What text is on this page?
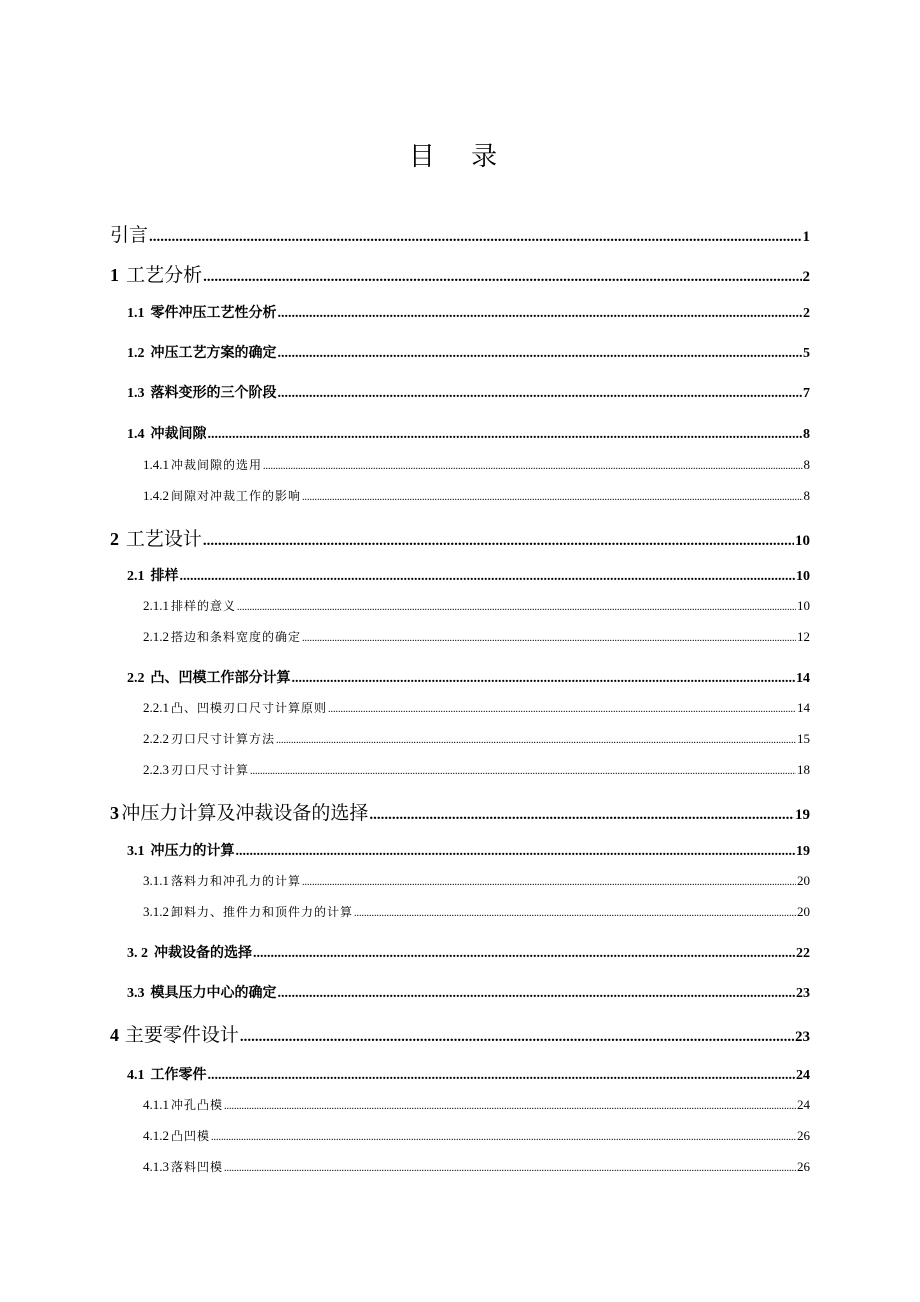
目 录
引言 .....	1
1 工艺分析 .....	2
1.1 零件冲压工艺性分析 .....	2
1.2 冲压工艺方案的确定 .....	5
1.3 落料变形的三个阶段 .....	7
1.4 冲裁间隙 .....	8
1.4.1 冲裁间隙的选用 .....	8
1.4.2 间隙对冲裁工作的影响 .....	8
2 工艺设计 .....	10
2.1 排样 .....	10
2.1.1 排样的意义 .....	10
2.1.2 搭边和条料宽度的确定 .....	12
2.2 凸、凹模工作部分计算 .....	14
2.2.1 凸、凹模刃口尺寸计算原则 .....	14
2.2.2 刃口尺寸计算方法 .....	15
2.2.3 刃口尺寸计算 .....	18
3 冲压力计算及冲裁设备的选择 .....	19
3.1 冲压力的计算 .....	19
3.1.1 落料力和冲孔力的计算 .....	20
3.1.2 卸料力、推件力和顶件力的计算 .....	20
3. 2 冲裁设备的选择 .....	22
3.3 模具压力中心的确定 .....	23
4 主要零件设计 .....	23
4.1 工作零件 .....	24
4.1.1 冲孔凸模 .....	24
4.1.2 凸凹模 .....	26
4.1.3 落料凹模 .....	26
